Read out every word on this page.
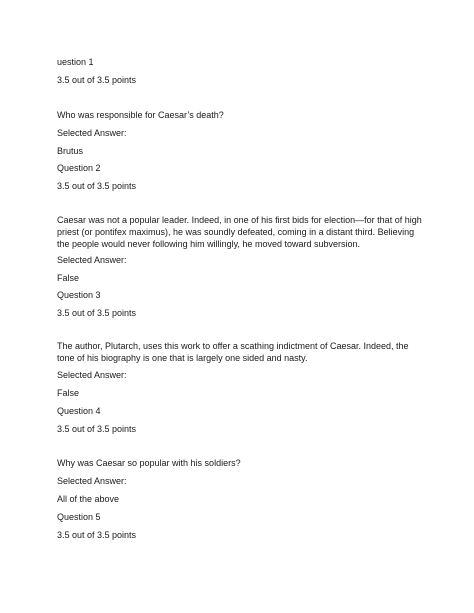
uestion 1
3.5 out of 3.5 points
Who was responsible for Caesar’s death?
Selected Answer:
Brutus
Question 2
3.5 out of 3.5 points
Caesar was not a popular leader. Indeed, in one of his first bids for election—for that of high priest (or pontifex maximus), he was soundly defeated, coming in a distant third. Believing the people would never following him willingly, he moved toward subversion.
Selected Answer:
False
Question 3
3.5 out of 3.5 points
The author, Plutarch, uses this work to offer a scathing indictment of Caesar. Indeed, the tone of his biography is one that is largely one sided and nasty.
Selected Answer:
False
Question 4
3.5 out of 3.5 points
Why was Caesar so popular with his soldiers?
Selected Answer:
All of the above
Question 5
3.5 out of 3.5 points
